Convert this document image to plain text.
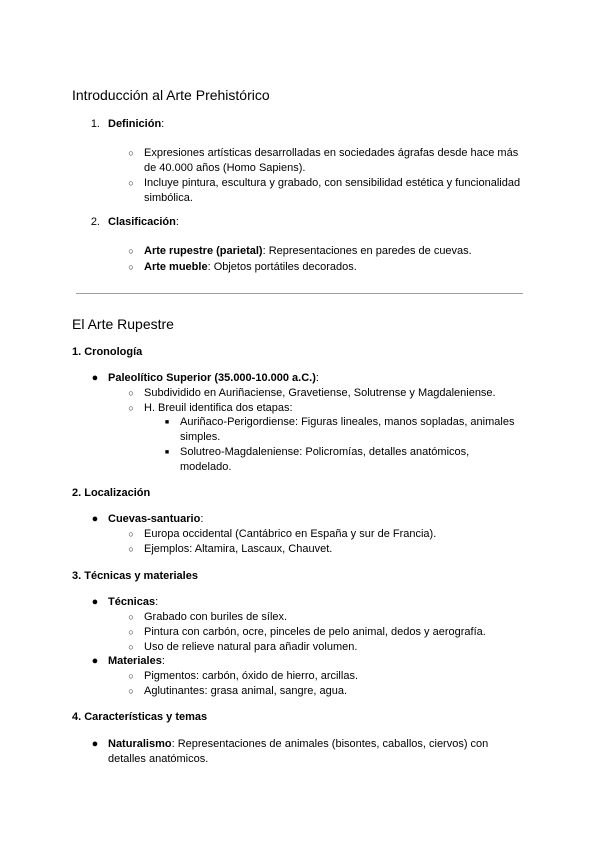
Introducción al Arte Prehistórico
1. Definición:
○ Expresiones artísticas desarrolladas en sociedades ágrafas desde hace más
de 40.000 años (Homo Sapiens).
○ Incluye pintura, escultura y grabado, con sensibilidad estética y funcionalidad
simbólica.
2. Clasificación:
○ Arte rupestre (parietal): Representaciones en paredes de cuevas.
○ Arte mueble: Objetos portátiles decorados.
El Arte Rupestre
1. Cronología
● Paleolítico Superior (35.000-10.000 a.C.):
○ Subdividido en Auriñaciense, Gravetiense, Solutrense y Magdaleniense.
○ H. Breuil identifica dos etapas:
■ Auriñaco-Perigordiense: Figuras lineales, manos sopladas, animales
simples.
■ Solutreo-Magdaleniense: Policromías, detalles anatómicos,
modelado.
2. Localización
● Cuevas-santuario:
○ Europa occidental (Cantábrico en España y sur de Francia).
○ Ejemplos: Altamira, Lascaux, Chauvet.
3. Técnicas y materiales
● Técnicas:
○ Grabado con buriles de sílex.
○ Pintura con carbón, ocre, pinceles de pelo animal, dedos y aerografía.
○ Uso de relieve natural para añadir volumen.
● Materiales:
○ Pigmentos: carbón, óxido de hierro, arcillas.
○ Aglutinantes: grasa animal, sangre, agua.
4. Características y temas
● Naturalismo: Representaciones de animales (bisontes, caballos, ciervos) con
detalles anatómicos.
